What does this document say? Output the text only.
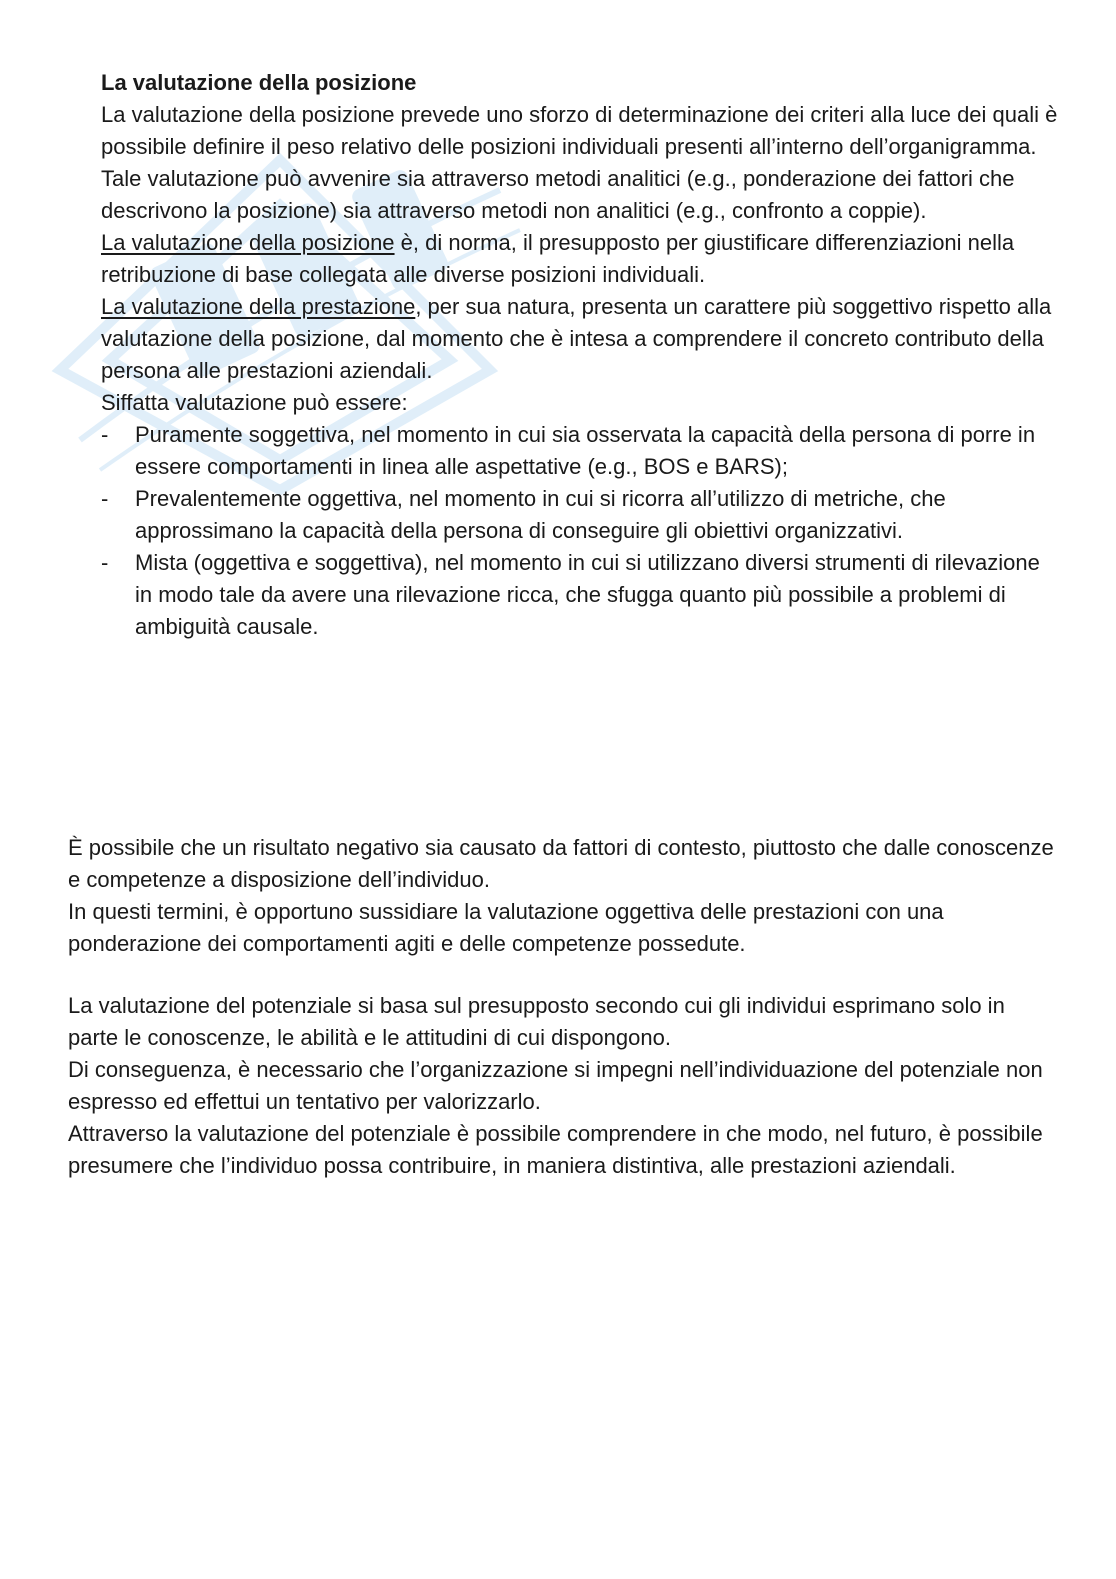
La valutazione della posizione

La valutazione della posizione prevede uno sforzo di determinazione dei criteri alla luce dei quali è possibile definire il peso relativo delle posizioni individuali presenti all’interno dell’organigramma.

Tale valutazione può avvenire sia attraverso metodi analitici (e.g., ponderazione dei fattori che descrivono la posizione) sia attraverso metodi non analitici (e.g., confronto a coppie).

La valutazione della posizione è, di norma, il presupposto per giustificare differenziazioni nella retribuzione di base collegata alle diverse posizioni individuali.

La valutazione della prestazione, per sua natura, presenta un carattere più soggettivo rispetto alla valutazione della posizione, dal momento che è intesa a comprendere il concreto contributo della persona alle prestazioni aziendali.

Siffatta valutazione può essere:

- Puramente soggettiva, nel momento in cui sia osservata la capacità della persona di porre in essere comportamenti in linea alle aspettative (e.g., BOS e BARS);
- Prevalentemente oggettiva, nel momento in cui si ricorra all’utilizzo di metriche, che approssimano la capacità della persona di conseguire gli obiettivi organizzativi.
- Mista (oggettiva e soggettiva), nel momento in cui si utilizzano diversi strumenti di rilevazione in modo tale da avere una rilevazione ricca, che sfugga quanto più possibile a problemi di ambiguità causale.

È possibile che un risultato negativo sia causato da fattori di contesto, piuttosto che dalle conoscenze e competenze a disposizione dell’individuo.

In questi termini, è opportuno sussidiare la valutazione oggettiva delle prestazioni con una ponderazione dei comportamenti agiti e delle competenze possedute.

La valutazione del potenziale si basa sul presupposto secondo cui gli individui esprimano solo in parte le conoscenze, le abilità e le attitudini di cui dispongono.

Di conseguenza, è necessario che l’organizzazione si impegni nell’individuazione del potenziale non espresso ed effettui un tentativo per valorizzarlo.

Attraverso la valutazione del potenziale è possibile comprendere in che modo, nel futuro, è possibile presumere che l’individuo possa contribuire, in maniera distintiva, alle prestazioni aziendali.
